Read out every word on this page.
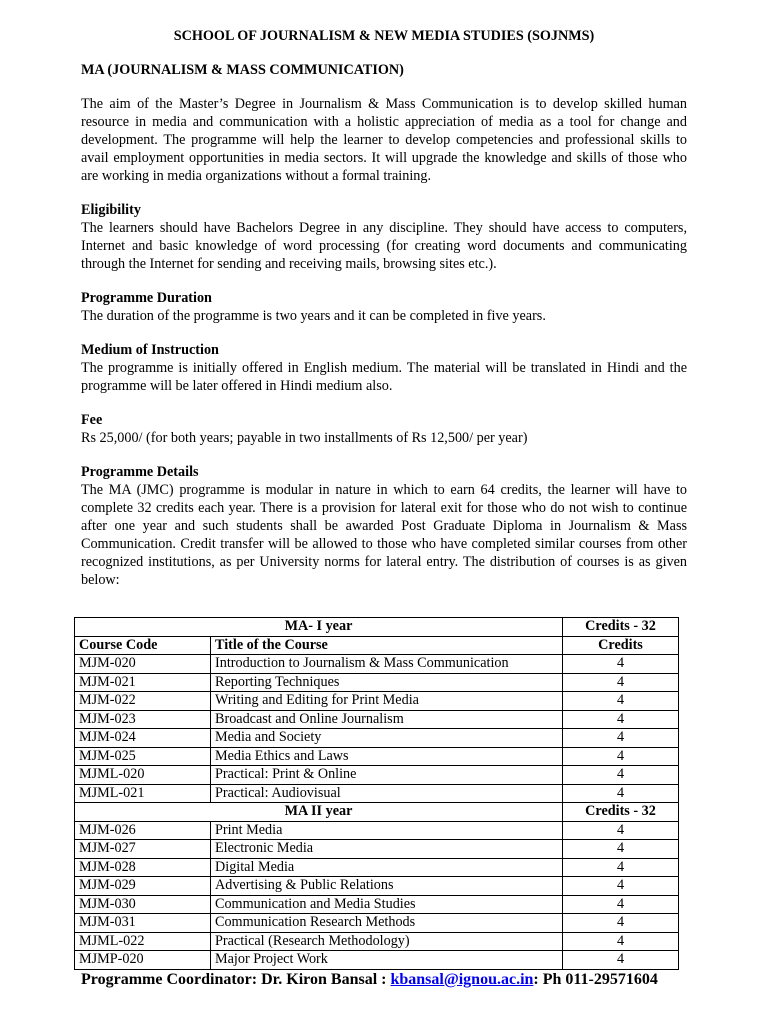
SCHOOL OF JOURNALISM & NEW MEDIA STUDIES (SOJNMS)

MA (JOURNALISM & MASS COMMUNICATION)

The aim of the Master’s Degree in Journalism & Mass Communication is to develop skilled human resource in media and communication with a holistic appreciation of media as a tool for change and development. The programme will help the learner to develop competencies and professional skills to avail employment opportunities in media sectors. It will upgrade the knowledge and skills of those who are working in media organizations without a formal training.

Eligibility

The learners should have Bachelors Degree in any discipline. They should have access to computers, Internet and basic knowledge of word processing (for creating word documents and communicating through the Internet for sending and receiving mails, browsing sites etc.).

Programme Duration

The duration of the programme is two years and it can be completed in five years.

Medium of Instruction

The programme is initially offered in English medium. The material will be translated in Hindi and the programme will be later offered in Hindi medium also.

Fee

Rs 25,000/ (for both years; payable in two installments of Rs 12,500/ per year)

Programme Details

The MA (JMC) programme is modular in nature in which to earn 64 credits, the learner will have to complete 32 credits each year. There is a provision for lateral exit for those who do not wish to continue after one year and such students shall be awarded Post Graduate Diploma in Journalism & Mass Communication. Credit transfer will be allowed to those who have completed similar courses from other recognized institutions, as per University norms for lateral entry. The distribution of courses is as given below:

MA- I year		Credits - 32
Course Code	Title of the Course	Credits
MJM-020	Introduction to Journalism & Mass Communication	4
MJM-021	Reporting Techniques	4
MJM-022	Writing and Editing for Print Media	4
MJM-023	Broadcast and Online Journalism	4
MJM-024	Media and Society	4
MJM-025	Media Ethics and Laws	4
MJML-020	Practical: Print & Online	4
MJML-021	Practical: Audiovisual	4
MA II year		Credits - 32
MJM-026	Print Media	4
MJM-027	Electronic Media	4
MJM-028	Digital Media	4
MJM-029	Advertising & Public Relations	4
MJM-030	Communication and Media Studies	4
MJM-031	Communication Research Methods	4
MJML-022	Practical (Research Methodology)	4
MJMP-020	Major Project Work	4
Programme Coordinator: Dr. Kiron Bansal : kbansal@ignou.ac.in: Ph 011-29571604
